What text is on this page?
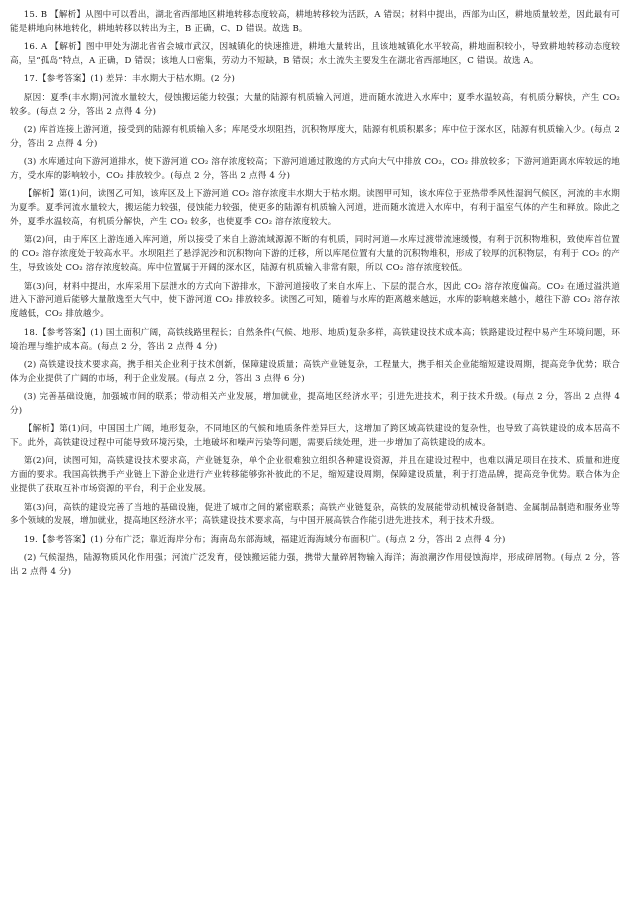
15. B 【解析】从图中可以看出，湖北省西部地区耕地转移态度较高，耕地转移较为活跃，A 错误；材料中提出，西部为山区，耕地质量较差，因此最有可能是耕地向林地转化，耕地转移以转出为主，B 正确，C、D 错误。故选 B。

16. A 【解析】图中甲处为湖北省省会城市武汉，因城镇化的快速推进，耕地大量转出，且该地城镇化水平较高，耕地面积较小，导致耕地转移动态度较高，呈“孤岛”特点，A 正确，D 错误；该地人口密集，劳动力不短缺，B 错误；水土流失主要发生在湖北省西部地区，C 错误。故选 A。

17.【参考答案】(1) 差异：丰水期大于枯水期。(2 分)

原因：夏季(丰水期)河流水量较大，侵蚀搬运能力较强；大量的陆源有机质输入河道，进而随水流进入水库中；夏季水温较高，有机质分解快，产生 CO₂ 较多。(每点 2 分，答出 2 点得 4 分)

(2) 库首连接上游河道，接受到的陆源有机质输入多；库尾受水坝阻挡，沉积物厚度大，陆源有机质积累多；库中位于深水区，陆源有机质输入少。(每点 2 分，答出 2 点得 4 分)

(3) 水库通过向下游河道排水，使下游河道 CO₂ 溶存浓度较高；下游河道通过散逸的方式向大气中排放 CO₂，CO₂ 排放较多；下游河道距离水库较远的地方，受水库的影响较小，CO₂ 排放较少。(每点 2 分，答出 2 点得 4 分)

【解析】第(1)问，读图乙可知，该库区及上下游河道 CO₂ 溶存浓度丰水期大于枯水期。读图甲可知，该水库位于亚热带季风性湿润气候区，河流的丰水期为夏季。夏季河流水量较大，搬运能力较强，侵蚀能力较强，使更多的陆源有机质输入河道，进而随水流进入水库中，有利于温室气体的产生和释放。除此之外，夏季水温较高，有机质分解快，产生 CO₂ 较多，也使夏季 CO₂ 溶存浓度较大。

第(2)问，由于库区上游连通入库河道，所以接受了来自上游流域源源不断的有机质，同时河道—水库过渡带流速缓慢，有利于沉积物堆积，致使库首位置的 CO₂ 溶存浓度处于较高水平。水坝阻拦了悬浮泥沙和沉积物向下游的迁移，所以库尾位置有大量的沉积物堆积，形成了较厚的沉积物层，有利于 CO₂ 的产生，导致该处 CO₂ 溶存浓度较高。库中位置属于开阔的深水区，陆源有机质输入非常有限，所以 CO₂ 溶存浓度较低。

第(3)问，材料中提出，水库采用下层泄水的方式向下游排水，下游河道接收了来自水库上、下层的混合水，因此 CO₂ 溶存浓度偏高。CO₂ 在通过溢洪道进入下游河道后能够大量散逸至大气中，使下游河道 CO₂ 排放较多。读图乙可知，随着与水库的距离越来越远，水库的影响越来越小，越往下游 CO₂ 溶存浓度越低，CO₂ 排放越少。

18.【参考答案】(1) 国土面积广阔，高铁线路里程长；自然条件(气候、地形、地质)复杂多样，高铁建设技术成本高；铁路建设过程中易产生环境问题，环境治理与维护成本高。(每点 2 分，答出 2 点得 4 分)

(2) 高铁建设技术要求高，携手相关企业利于技术创新，保障建设质量；高铁产业链复杂，工程量大，携手相关企业能缩短建设周期，提高竞争优势；联合体为企业提供了广阔的市场，利于企业发展。(每点 2 分，答出 3 点得 6 分)

(3) 完善基础设施，加强城市间的联系；带动相关产业发展，增加就业，提高地区经济水平；引进先进技术，利于技术升级。(每点 2 分，答出 2 点得 4 分)

【解析】第(1)问，中国国土广阔，地形复杂，不同地区的气候和地质条件差异巨大，这增加了跨区域高铁建设的复杂性，也导致了高铁建设的成本居高不下。此外，高铁建设过程中可能导致环境污染，土地破坏和噪声污染等问题，需要后续处理，进一步增加了高铁建设的成本。

第(2)问，读图可知，高铁建设技术要求高，产业链复杂，单个企业很难独立组织各种建设资源，并且在建设过程中，也难以满足项目在技术、质量和进度方面的要求。我国高铁携手产业链上下游企业进行产业转移能够弥补彼此的不足，缩短建设周期，保障建设质量，利于打造品牌，提高竞争优势。联合体为企业提供了获取互补市场资源的平台，利于企业发展。

第(3)问，高铁的建设完善了当地的基础设施，促进了城市之间的紧密联系；高铁产业链复杂，高铁的发展能带动机械设备制造、金属制品制造和服务业等多个领域的发展，增加就业，提高地区经济水平；高铁建设技术要求高，与中国开展高铁合作能引进先进技术，利于技术升级。

19.【参考答案】(1) 分布广泛；靠近海岸分布；海南岛东部海域，福建近海海域分布面积广。(每点 2 分，答出 2 点得 4 分)

(2) 气候湿热，陆源物质风化作用强；河流广泛发育，侵蚀搬运能力强，携带大量碎屑物输入海洋；海浪潮汐作用侵蚀海岸，形成碎屑物。(每点 2 分，答出 2 点得 4 分)
